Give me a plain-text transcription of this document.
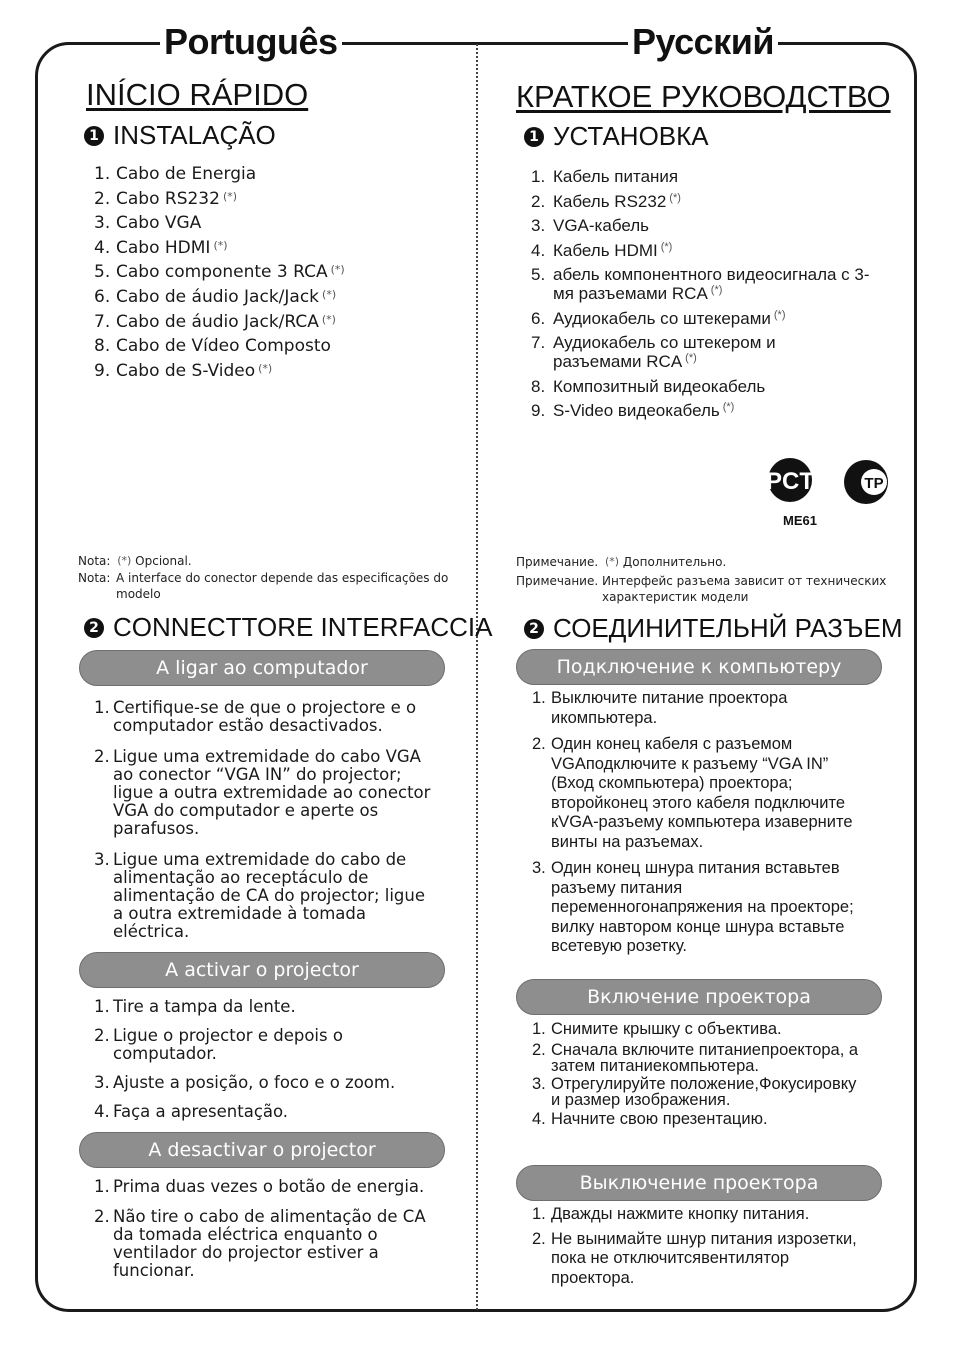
Português	Русский
INÍCIO RÁPIDO
1 INSTALAÇÃO
1. Cabo de Energia
2. Cabo RS232 (*)
3. Cabo VGA
4. Cabo HDMI (*)
5. Cabo componente 3 RCA (*)
6. Cabo de áudio Jack/Jack (*)
7. Cabo de áudio Jack/RCA (*)
8. Cabo de Vídeo Composto
9. Cabo de S-Video (*)
Nota:
(*)
Opcional.
Nota: A interface do conector depende das especificações do modelo
2 CONNECTTORE INTERFACCIA
A ligar ao computador
1. Certifique-se de que o projectore e o computador estão desactivados.
2. Ligue uma extremidade do cabo VGA ao conector “VGA IN” do projector; ligue a outra extremidade ao conector VGA do computador e aperte os parafusos.
3. Ligue uma extremidade do cabo de alimentação ao receptáculo de alimentação de CA do projector; ligue a outra extremidade à tomada eléctrica.
A activar o projector
1. Tire a tampa da lente.
2. Ligue o projector e depois o computador.
3. Ajuste a posição, o foco e o zoom.
4. Faça a apresentação.
A desactivar o projector
1. Prima duas vezes o botão de energia.
2. Não tire o cabo de alimentação de CA da tomada eléctrica enquanto o ventilador do projector estiver a funcionar.
КРАТКОЕ РУКОВОДСТВО
1 УСТАНОВКА
1. Кабель питания
2. Кабель RS232 (*)
3. VGA-кабель
4. Кабель HDMI (*)
5. абель компонентного видеосигнала с 3-мя разъемами RCA (*)
6. Аудиокабель со штекерами (*)
7. Аудиокабель со штекером и разъемами RCA (*)
8. Композитный видеокабель
9. S-Video видеокабель (*)
PCT	ТР
ME61
Примечание.
(*)
Дополнительно.
Примечание. Интерфейс разъема зависит от технических характеристик модели
2 СОЕДИНИТЕЛЬНЙ РАЗЪЕМ
Подключение к компьютеру
1. Выключите питание проектора икомпьютера.
2. Один конец кабеля с разъемом VGAподключите к разъему “VGA IN” (Вход скомпьютера) проектора; второйконец этого кабеля подключите кVGA-разъему компьютера изаверните винты на разъемах.
3. Один конец шнура питания вставьтев разъему питания переменногонапряжения на проекторе; вилку навтором конце шнура вставьте всетевую розетку.
Включение проектора
1. Снимите крышку с объектива.
2. Сначала включите питаниепроектора, а затем питаниекомпьютера.
3. Отрегулируйте положение,Фокусировку и размер изображения.
4. Начните свою презентацию.
Выключение проектора
1. Дважды нажмите кнопку питания.
2. Не вынимайте шнур питания изрозетки, пока не отключитсявентилятор проектора.
